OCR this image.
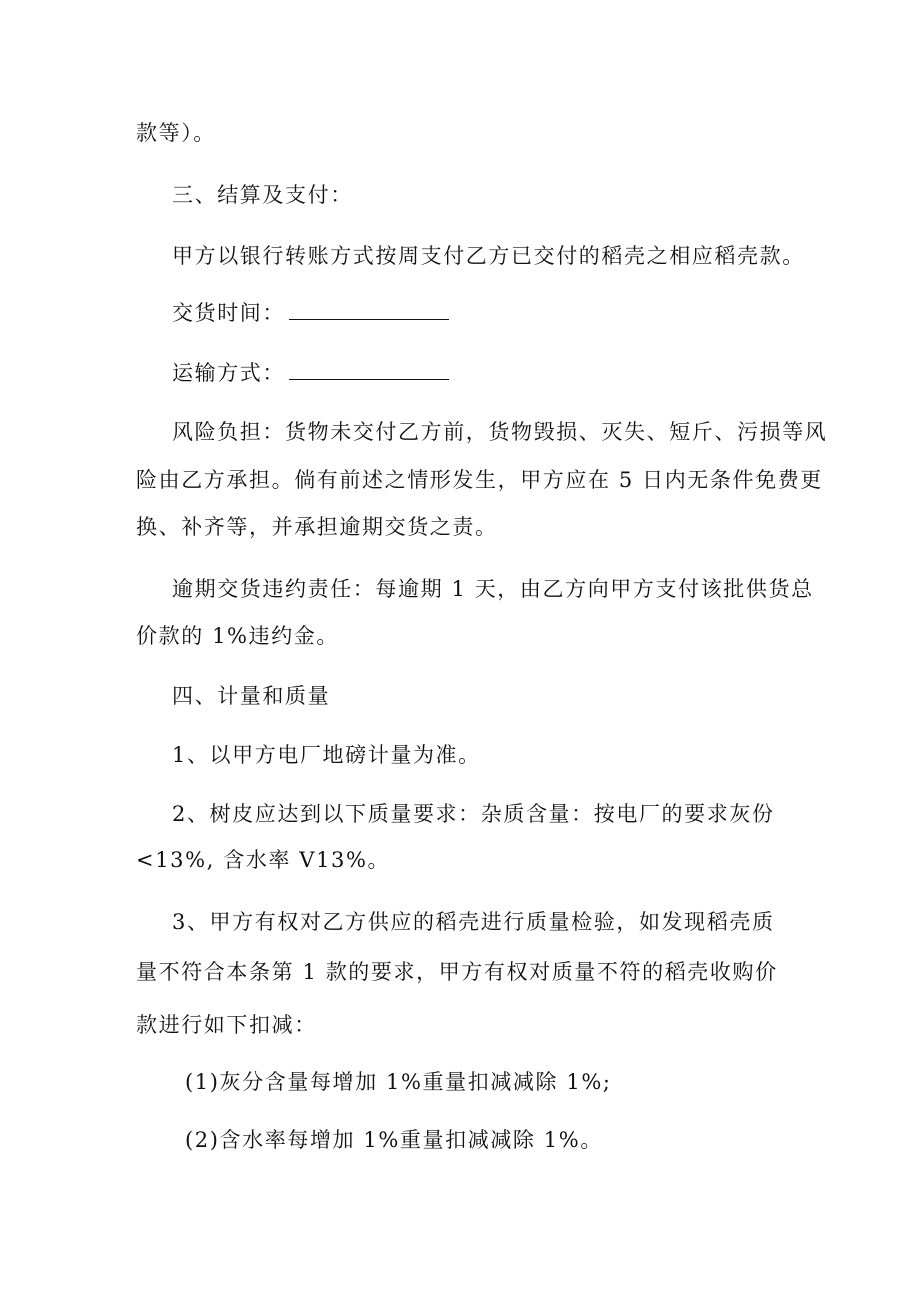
款等）。
三、结算及支付：
甲方以银行转账方式按周支付乙方已交付的稻壳之相应稻壳款。
交货时间：
运输方式：
风险负担：货物未交付乙方前，货物毁损、灭失、短斤、污损等风
险由乙方承担。倘有前述之情形发生，甲方应在 5 日内无条件免费更
换、补齐等，并承担逾期交货之责。
逾期交货违约责任：每逾期 1 天，由乙方向甲方支付该批供货总
价款的 1%违约金。
四、计量和质量
1、以甲方电厂地磅计量为准。
2、树皮应达到以下质量要求：杂质含量：按电厂的要求灰份
<13%, 含水率 V13%。
3、甲方有权对乙方供应的稻壳进行质量检验，如发现稻壳质
量不符合本条第 1 款的要求，甲方有权对质量不符的稻壳收购价
款进行如下扣减：
(1)灰分含量每增加 1%重量扣减减除 1%;
(2)含水率每增加 1%重量扣减减除 1%。
